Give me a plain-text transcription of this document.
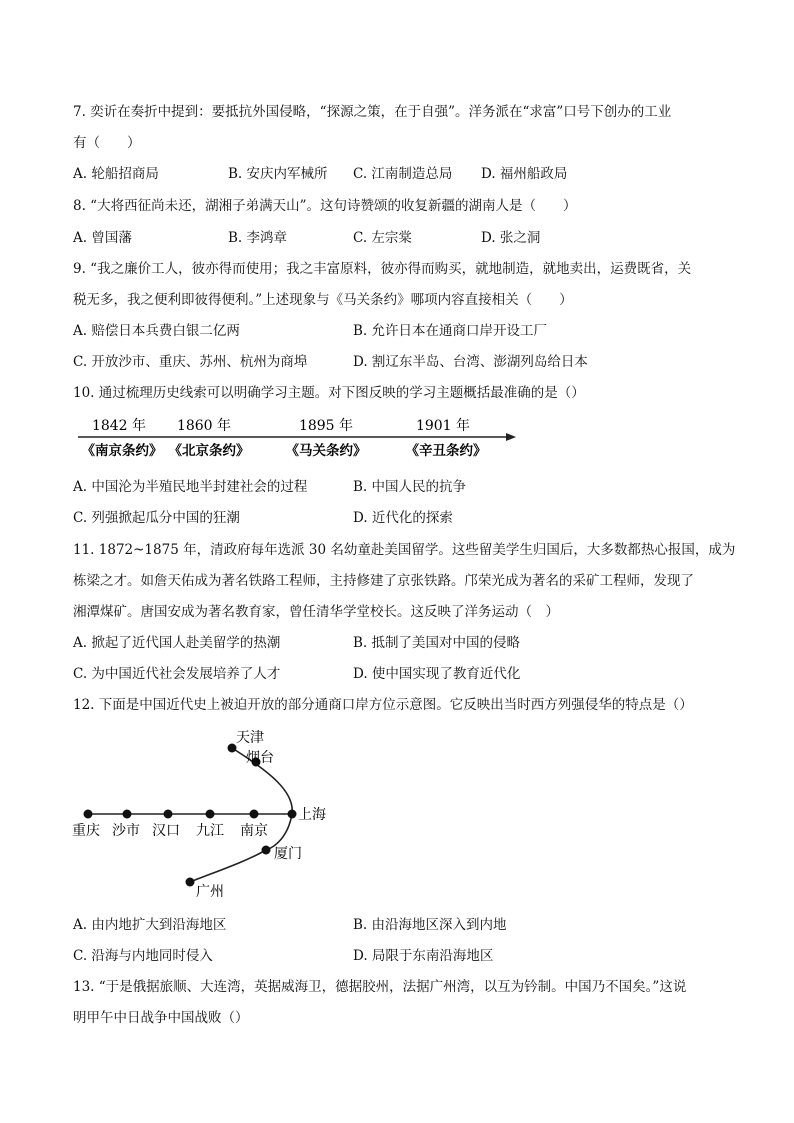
7. 奕䜣在奏折中提到：要抵抗外国侵略，“探源之策，在于自强”。洋务派在“求富”口号下创办的工业
有（　　）
A. 轮船招商局	B. 安庆内军械所 C. 江南制造总局 D. 福州船政局
8. “大将西征尚未还，湖湘子弟满天山”。这句诗赞颂的收复新疆的湖南人是（　　）
A. 曾国藩	B. 李鸿章	C. 左宗棠	D. 张之洞
9. “我之廉价工人，彼亦得而使用；我之丰富原料，彼亦得而购买，就地制造，就地卖出，运费既省，关
税无多，我之便利即彼得便利。”上述现象与《马关条约》哪项内容直接相关（　　）
A. 赔偿日本兵费白银二亿两	B. 允许日本在通商口岸开设工厂
C. 开放沙市、重庆、苏州、杭州为商埠	D. 割辽东半岛、台湾、澎湖列岛给日本
10. 通过梳理历史线索可以明确学习主题。对下图反映的学习主题概括最准确的是（）
1842 年 1860 年	1895 年	1901 年
《南京条约》 《北京条约》	《马关条约》	《辛丑条约》
A. 中国沦为半殖民地半封建社会的过程	B. 中国人民的抗争
C. 列强掀起瓜分中国的狂潮	D. 近代化的探索
11. 1872~1875 年，清政府每年选派 30 名幼童赴美国留学。这些留美学生归国后，大多数都热心报国，成为
栋梁之才。如詹天佑成为著名铁路工程师，主持修建了京张铁路。邝荣光成为著名的采矿工程师，发现了
湘潭煤矿。唐国安成为著名教育家，曾任清华学堂校长。这反映了洋务运动（　）
A. 掀起了近代国人赴美留学的热潮	B. 抵制了美国对中国的侵略
C. 为中国近代社会发展培养了人才	D. 使中国实现了教育近代化
12. 下面是中国近代史上被迫开放的部分通商口岸方位示意图。它反映出当时西方列强侵华的特点是（）
天津
烟台
上海
厦门
广州
重庆 沙市 汉口 九江 南京
A. 由内地扩大到沿海地区	B. 由沿海地区深入到内地
C. 沿海与内地同时侵入	D. 局限于东南沿海地区
13. “于是俄据旅顺、大连湾，英据威海卫，德据胶州，法据广州湾，以互为钤制。中国乃不国矣。”这说
明甲午中日战争中国战败（）
